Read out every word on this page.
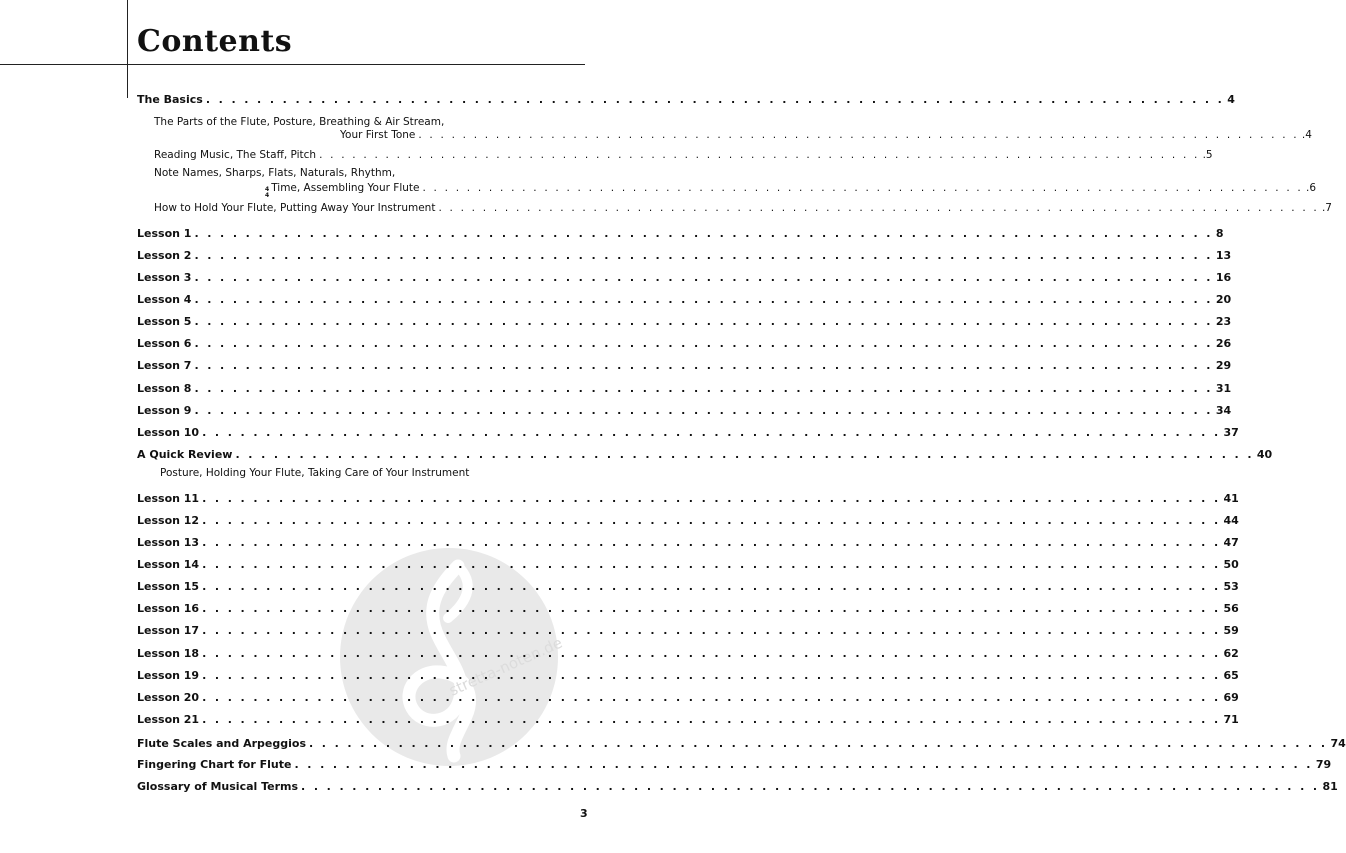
Contents
stretta-noten.de
The Basics . . . . . . . . . . . . . . . . . . . . . . . . . . . . . . . . . . . . . . . . . . . . . . . . . . . . . . . . . . . . . . . . . . . . . . . . . . . . . . . . 4
The Parts of the Flute, Posture, Breathing & Air Stream,
Your First Tone . . . . . . . . . . . . . . . . . . . . . . . . . . . . . . . . . . . . . . . . . . . . . . . . . . . . . . . . . . . . . . . . . . . . . . . . . . . . . . . . .4
Reading Music, The Staff, Pitch . . . . . . . . . . . . . . . . . . . . . . . . . . . . . . . . . . . . . . . . . . . . . . . . . . . . . . . . . . . . . . . . . . . . . . . . . . . . . . . . .5
Note Names, Sharps, Flats, Naturals, Rhythm,
4
4
Time, Assembling Your Flute . . . . . . . . . . . . . . . . . . . . . . . . . . . . . . . . . . . . . . . . . . . . . . . . . . . . . . . . . . . . . . . . . . . . . . . . . . . . . . . . .6
How to Hold Your Flute, Putting Away Your Instrument . . . . . . . . . . . . . . . . . . . . . . . . . . . . . . . . . . . . . . . . . . . . . . . . . . . . . . . . . . . . . . . . . . . . . . . . . . . . . . . . .7
Lesson 1 . . . . . . . . . . . . . . . . . . . . . . . . . . . . . . . . . . . . . . . . . . . . . . . . . . . . . . . . . . . . . . . . . . . . . . . . . . . . . . . . 8
Lesson 2 . . . . . . . . . . . . . . . . . . . . . . . . . . . . . . . . . . . . . . . . . . . . . . . . . . . . . . . . . . . . . . . . . . . . . . . . . . . . . . . . 13
Lesson 3 . . . . . . . . . . . . . . . . . . . . . . . . . . . . . . . . . . . . . . . . . . . . . . . . . . . . . . . . . . . . . . . . . . . . . . . . . . . . . . . . 16
Lesson 4 . . . . . . . . . . . . . . . . . . . . . . . . . . . . . . . . . . . . . . . . . . . . . . . . . . . . . . . . . . . . . . . . . . . . . . . . . . . . . . . . 20
Lesson 5 . . . . . . . . . . . . . . . . . . . . . . . . . . . . . . . . . . . . . . . . . . . . . . . . . . . . . . . . . . . . . . . . . . . . . . . . . . . . . . . . 23
Lesson 6 . . . . . . . . . . . . . . . . . . . . . . . . . . . . . . . . . . . . . . . . . . . . . . . . . . . . . . . . . . . . . . . . . . . . . . . . . . . . . . . . 26
Lesson 7 . . . . . . . . . . . . . . . . . . . . . . . . . . . . . . . . . . . . . . . . . . . . . . . . . . . . . . . . . . . . . . . . . . . . . . . . . . . . . . . . 29
Lesson 8 . . . . . . . . . . . . . . . . . . . . . . . . . . . . . . . . . . . . . . . . . . . . . . . . . . . . . . . . . . . . . . . . . . . . . . . . . . . . . . . . 31
Lesson 9 . . . . . . . . . . . . . . . . . . . . . . . . . . . . . . . . . . . . . . . . . . . . . . . . . . . . . . . . . . . . . . . . . . . . . . . . . . . . . . . . 34
Lesson 10 . . . . . . . . . . . . . . . . . . . . . . . . . . . . . . . . . . . . . . . . . . . . . . . . . . . . . . . . . . . . . . . . . . . . . . . . . . . . . . . . 37
A Quick Review . . . . . . . . . . . . . . . . . . . . . . . . . . . . . . . . . . . . . . . . . . . . . . . . . . . . . . . . . . . . . . . . . . . . . . . . . . . . . . . . 40
Posture, Holding Your Flute, Taking Care of Your Instrument
Lesson 11 . . . . . . . . . . . . . . . . . . . . . . . . . . . . . . . . . . . . . . . . . . . . . . . . . . . . . . . . . . . . . . . . . . . . . . . . . . . . . . . . 41
Lesson 12 . . . . . . . . . . . . . . . . . . . . . . . . . . . . . . . . . . . . . . . . . . . . . . . . . . . . . . . . . . . . . . . . . . . . . . . . . . . . . . . . 44
Lesson 13 . . . . . . . . . . . . . . . . . . . . . . . . . . . . . . . . . . . . . . . . . . . . . . . . . . . . . . . . . . . . . . . . . . . . . . . . . . . . . . . . 47
Lesson 14 . . . . . . . . . . . . . . . . . . . . . . . . . . . . . . . . . . . . . . . . . . . . . . . . . . . . . . . . . . . . . . . . . . . . . . . . . . . . . . . . 50
Lesson 15 . . . . . . . . . . . . . . . . . . . . . . . . . . . . . . . . . . . . . . . . . . . . . . . . . . . . . . . . . . . . . . . . . . . . . . . . . . . . . . . . 53
Lesson 16 . . . . . . . . . . . . . . . . . . . . . . . . . . . . . . . . . . . . . . . . . . . . . . . . . . . . . . . . . . . . . . . . . . . . . . . . . . . . . . . . 56
Lesson 17 . . . . . . . . . . . . . . . . . . . . . . . . . . . . . . . . . . . . . . . . . . . . . . . . . . . . . . . . . . . . . . . . . . . . . . . . . . . . . . . . 59
Lesson 18 . . . . . . . . . . . . . . . . . . . . . . . . . . . . . . . . . . . . . . . . . . . . . . . . . . . . . . . . . . . . . . . . . . . . . . . . . . . . . . . . 62
Lesson 19 . . . . . . . . . . . . . . . . . . . . . . . . . . . . . . . . . . . . . . . . . . . . . . . . . . . . . . . . . . . . . . . . . . . . . . . . . . . . . . . . 65
Lesson 20 . . . . . . . . . . . . . . . . . . . . . . . . . . . . . . . . . . . . . . . . . . . . . . . . . . . . . . . . . . . . . . . . . . . . . . . . . . . . . . . . 69
Lesson 21 . . . . . . . . . . . . . . . . . . . . . . . . . . . . . . . . . . . . . . . . . . . . . . . . . . . . . . . . . . . . . . . . . . . . . . . . . . . . . . . . 71
Flute Scales and Arpeggios . . . . . . . . . . . . . . . . . . . . . . . . . . . . . . . . . . . . . . . . . . . . . . . . . . . . . . . . . . . . . . . . . . . . . . . . . . . . . . . . 74
Fingering Chart for Flute . . . . . . . . . . . . . . . . . . . . . . . . . . . . . . . . . . . . . . . . . . . . . . . . . . . . . . . . . . . . . . . . . . . . . . . . . . . . . . . . 79
Glossary of Musical Terms . . . . . . . . . . . . . . . . . . . . . . . . . . . . . . . . . . . . . . . . . . . . . . . . . . . . . . . . . . . . . . . . . . . . . . . . . . . . . . . . 81
3
